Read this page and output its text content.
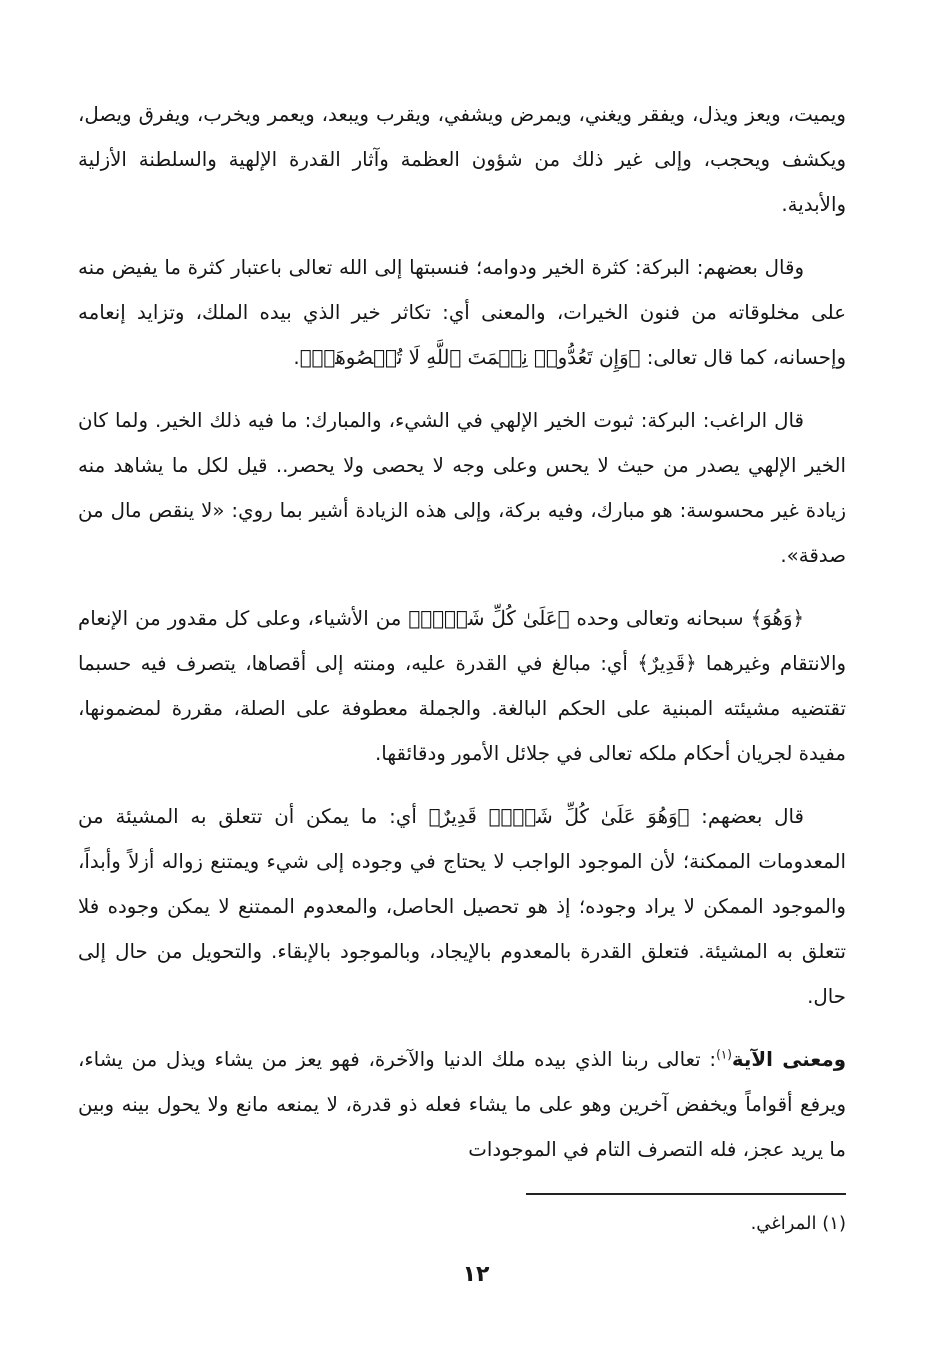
ويميت، ويعز ويذل، ويفقر ويغني، ويمرض ويشفي، ويقرب ويبعد، ويعمر ويخرب، ويفرق ويصل، ويكشف ويحجب، وإلى غير ذلك من شؤون العظمة وآثار القدرة الإلهية والسلطنة الأزلية والأبدية.

وقال بعضهم: البركة: كثرة الخير ودوامه؛ فنسبتها إلى الله تعالى باعتبار كثرة ما يفيض منه على مخلوقاته من فنون الخيرات، والمعنى أي: تكاثر خير الذي بيده الملك، وتزايد إنعامه وإحسانه، كما قال تعالى: ﴿وَإِن تَعُدُّوا۟ نِعۡمَتَ ٱللَّهِ لَا تُحۡصُوهَآۗ﴾.

قال الراغب: البركة: ثبوت الخير الإلهي في الشيء، والمبارك: ما فيه ذلك الخير. ولما كان الخير الإلهي يصدر من حيث لا يحس وعلى وجه لا يحصى ولا يحصر.. قيل لكل ما يشاهد منه زيادة غير محسوسة: هو مبارك، وفيه بركة، وإلى هذه الزيادة أشير بما روي: «لا ينقص مال من صدقة».

﴿وَهُوَ﴾ سبحانه وتعالى وحده ﴿عَلَىٰ كُلِّ شَيۡءٖ﴾ من الأشياء، وعلى كل مقدور من الإنعام والانتقام وغيرهما ﴿قَدِيرٌ﴾ أي: مبالغ في القدرة عليه، ومنته إلى أقصاها، يتصرف فيه حسبما تقتضيه مشيئته المبنية على الحكم البالغة. والجملة معطوفة على الصلة، مقررة لمضمونها، مفيدة لجريان أحكام ملكه تعالى في جلائل الأمور ودقائقها.

قال بعضهم: ﴿وَهُوَ عَلَىٰ كُلِّ شَيۡءٖ قَدِيرٌ﴾ أي: ما يمكن أن تتعلق به المشيئة من المعدومات الممكنة؛ لأن الموجود الواجب لا يحتاج في وجوده إلى شيء ويمتنع زواله أزلاً وأبداً، والموجود الممكن لا يراد وجوده؛ إذ هو تحصيل الحاصل، والمعدوم الممتنع لا يمكن وجوده فلا تتعلق به المشيئة. فتعلق القدرة بالمعدوم بالإيجاد، وبالموجود بالإبقاء. والتحويل من حال إلى حال.

ومعنى الآية$^{(١)}$: تعالى ربنا الذي بيده ملك الدنيا والآخرة، فهو يعز من يشاء ويذل من يشاء، ويرفع أقواماً ويخفض آخرين وهو على ما يشاء فعله ذو قدرة، لا يمنعه مانع ولا يحول بينه وبين ما يريد عجز، فله التصرف التام في الموجودات

(١) المراغي.
١٢
